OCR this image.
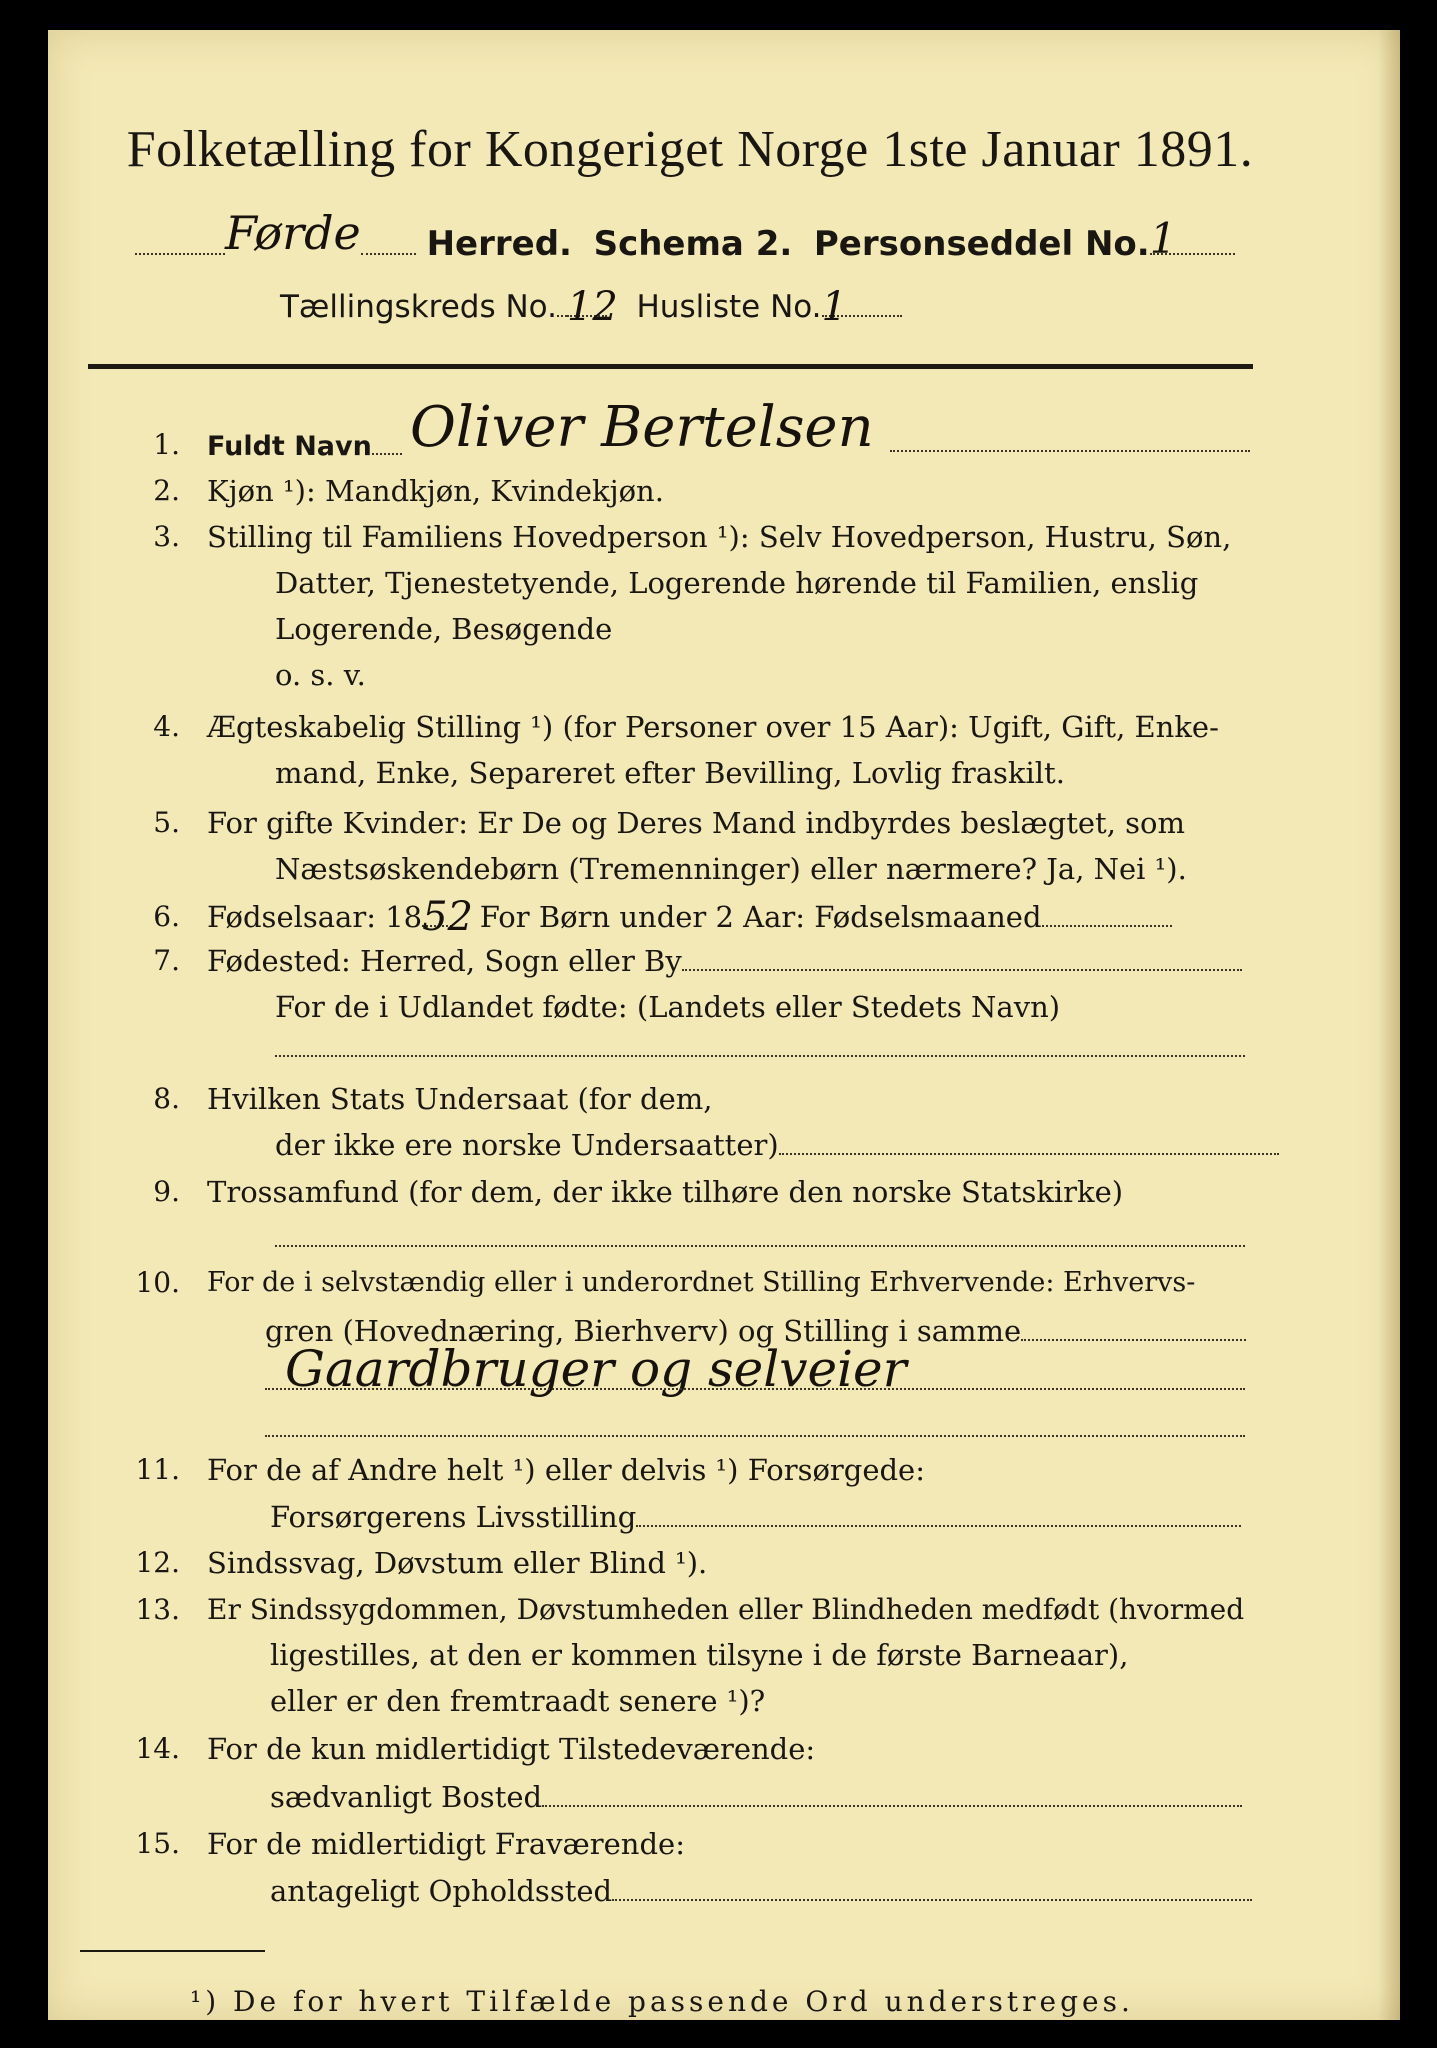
Folketælling for Kongeriget Norge 1ste Januar 1891.
Førde Herred. Schema 2. Personseddel No. 1
Tællingskreds No. 12 Husliste No. 1
1. Fuldt Navn Oliver Bertelsen
2. Kjøn ¹): Mandkjøn, Kvindekjøn.
3. Stilling til Familiens Hovedperson ¹): Selv Hovedperson, Hustru, Søn,
Datter, Tjenestetyende, Logerende hørende til Familien, enslig
Logerende, Besøgende
o. s. v.
4. Ægteskabelig Stilling ¹) (for Personer over 15 Aar): Ugift, Gift, Enke-
mand, Enke, Separeret efter Bevilling, Lovlig fraskilt.
5. For gifte Kvinder: Er De og Deres Mand indbyrdes beslægtet, som
Næstsøskendebørn (Tremenninger) eller nærmere? Ja, Nei ¹).
6. Fødselsaar: 18 52 For Børn under 2 Aar: Fødselsmaaned
7. Fødested: Herred, Sogn eller By
For de i Udlandet fødte: (Landets eller Stedets Navn)
8. Hvilken Stats Undersaat (for dem,
der ikke ere norske Undersaatter)
9. Trossamfund (for dem, der ikke tilhøre den norske Statskirke)
10. For de i selvstændig eller i underordnet Stilling Erhvervende: Erhvervs-
gren (Hovednæring, Bierhverv) og Stilling i samme
Gaardbruger og selveier
11. For de af Andre helt ¹) eller delvis ¹) Forsørgede:
Forsørgerens Livsstilling
12. Sindssvag, Døvstum eller Blind ¹).
13. Er Sindssygdommen, Døvstumheden eller Blindheden medfødt (hvormed
ligestilles, at den er kommen tilsyne i de første Barneaar),
eller er den fremtraadt senere ¹)?
14. For de kun midlertidigt Tilstedeværende:
sædvanligt Bosted
15. For de midlertidigt Fraværende:
antageligt Opholdssted
¹) De for hvert Tilfælde passende Ord understreges.
